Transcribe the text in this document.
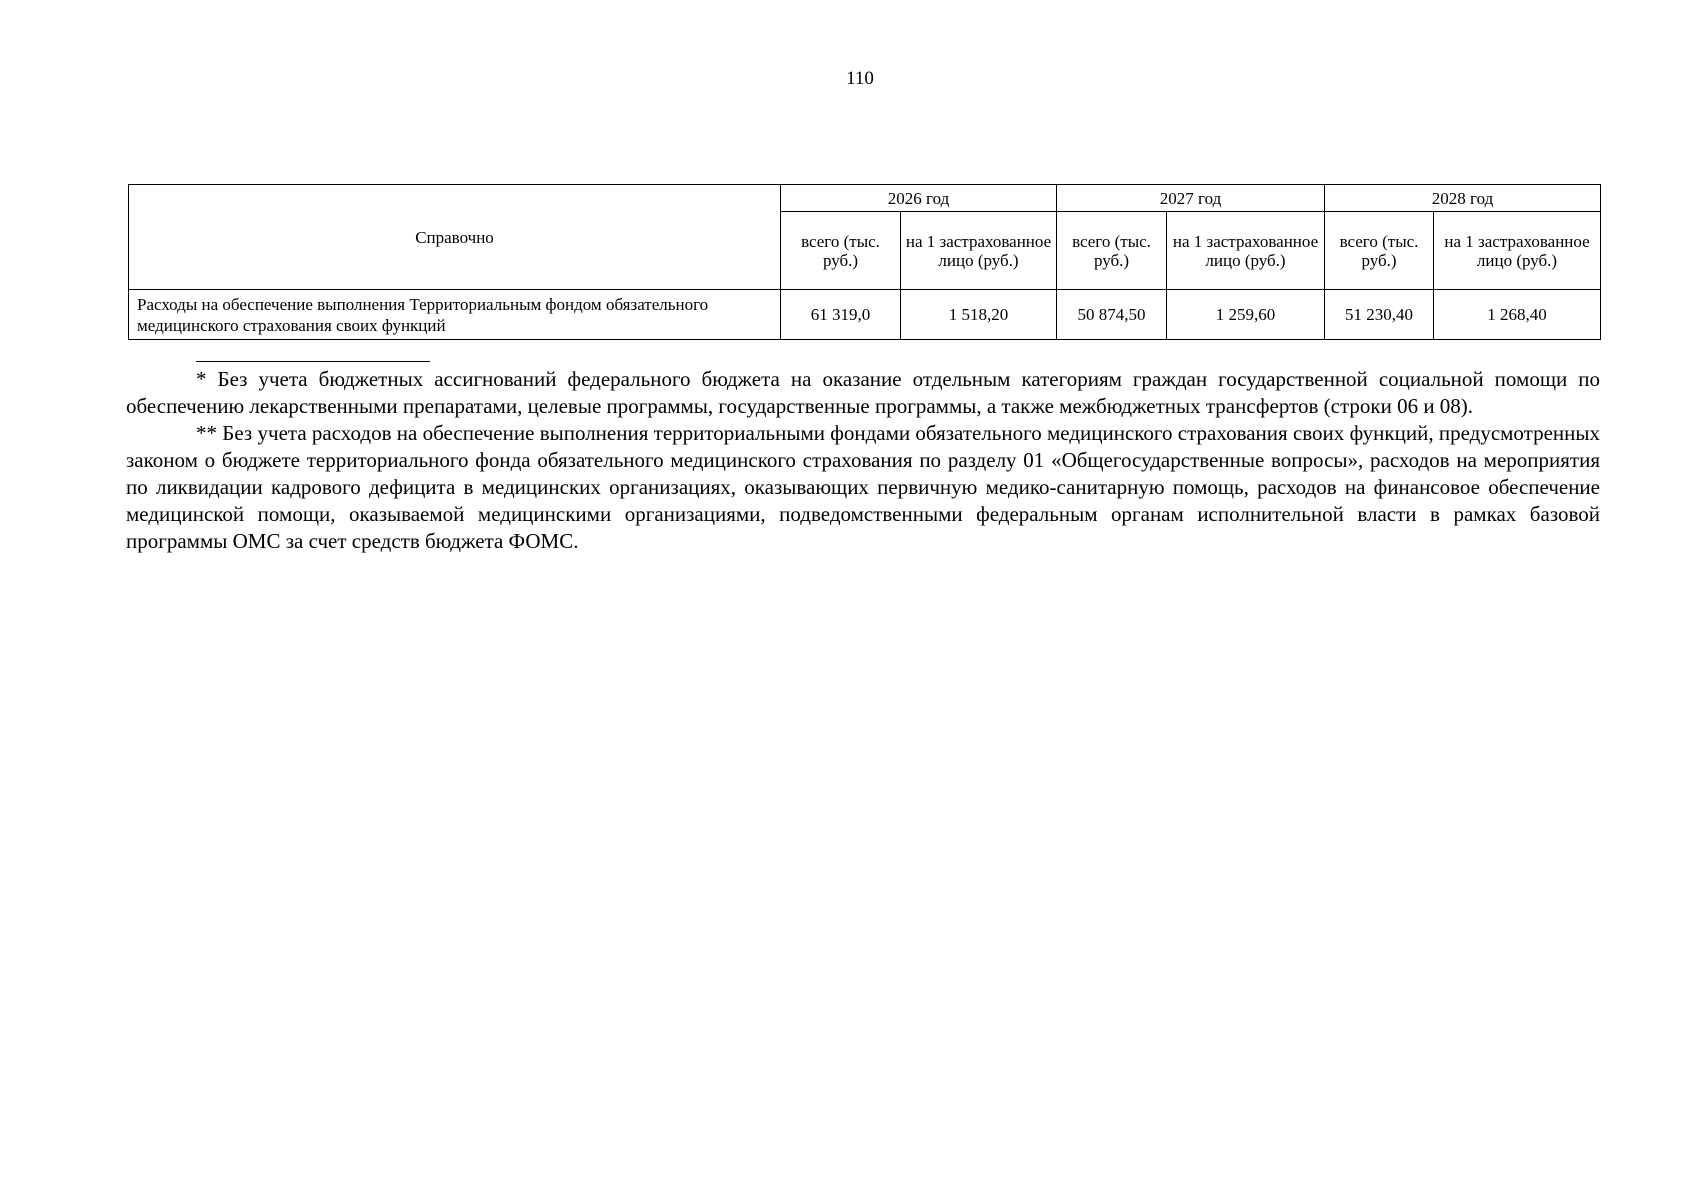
110
Справочно	2026 год		2027 год		2028 год	
	всего (тыс. руб.)	на 1 застрахованное лицо (руб.)	всего (тыс. руб.)	на 1 застрахованное лицо (руб.)	всего (тыс. руб.)	на 1 застрахованное лицо (руб.)
Расходы на обеспечение выполнения Территориальным фондом обязательного медицинского страхования своих функций	61 319,0	1 518,20	50 874,50	1 259,60	51 230,40	1 268,40

* Без учета бюджетных ассигнований федерального бюджета на оказание отдельным категориям граждан государственной социальной помощи по обеспечению лекарственными препаратами, целевые программы, государственные программы, а также межбюджетных трансфертов (строки 06 и 08).

** Без учета расходов на обеспечение выполнения территориальными фондами обязательного медицинского страхования своих функций, предусмотренных законом о бюджете территориального фонда обязательного медицинского страхования по разделу 01 «Общегосударственные вопросы», расходов на мероприятия по ликвидации кадрового дефицита в медицинских организациях, оказывающих первичную медико-санитарную помощь, расходов на финансовое обеспечение медицинской помощи, оказываемой медицинскими организациями, подведомственными федеральным органам исполнительной власти в рамках базовой программы ОМС за счет средств бюджета ФОМС.
